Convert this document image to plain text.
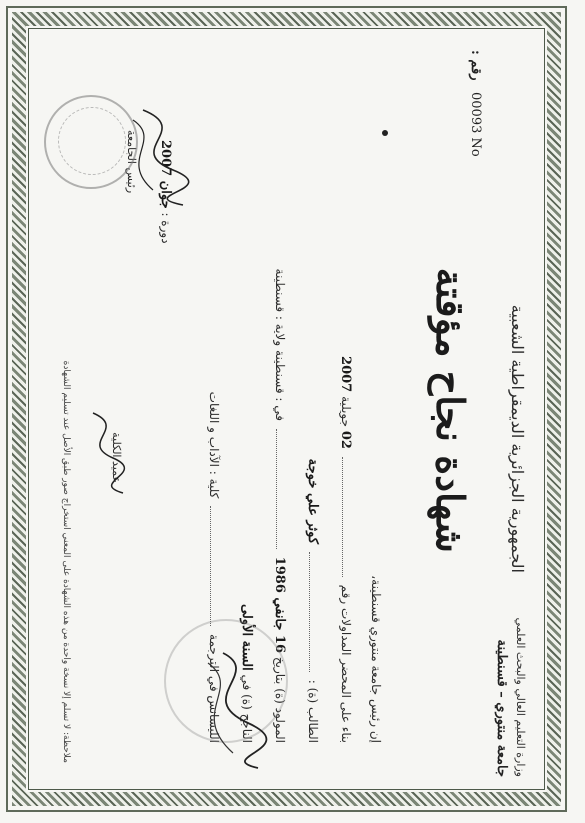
الجمهورية الجزائرية الديمقراطية الشعبية
وزارة التعليم العالي والبحث العلمي
جامعة منتوري – قسنطينة
رقم :
00093 No
شهادة نجاح مؤقتة
إن رئيس جامعة منتوري قسنطينة،
بناء على المحضر المداولات رقم  02 جويلية 2007
الطالب (ة) :  كوثر علي خوجة
المولود (ة) بتاريخ 16 جانفي 1986  في : قسنطينة ولاية : قسنطينة
الناجح (ة) في السنة الأولى
الليسانس في الترجمة  كلية : الآداب و اللغات
دورة : جوان 2007
عميد الكلية
رئيس الجامعة
ملاحظة: لا تسلم إلا نسخة واحدة من هذه الشهادة على المعني استخراج صور طبق الأصل عند تسليم الشهادة
